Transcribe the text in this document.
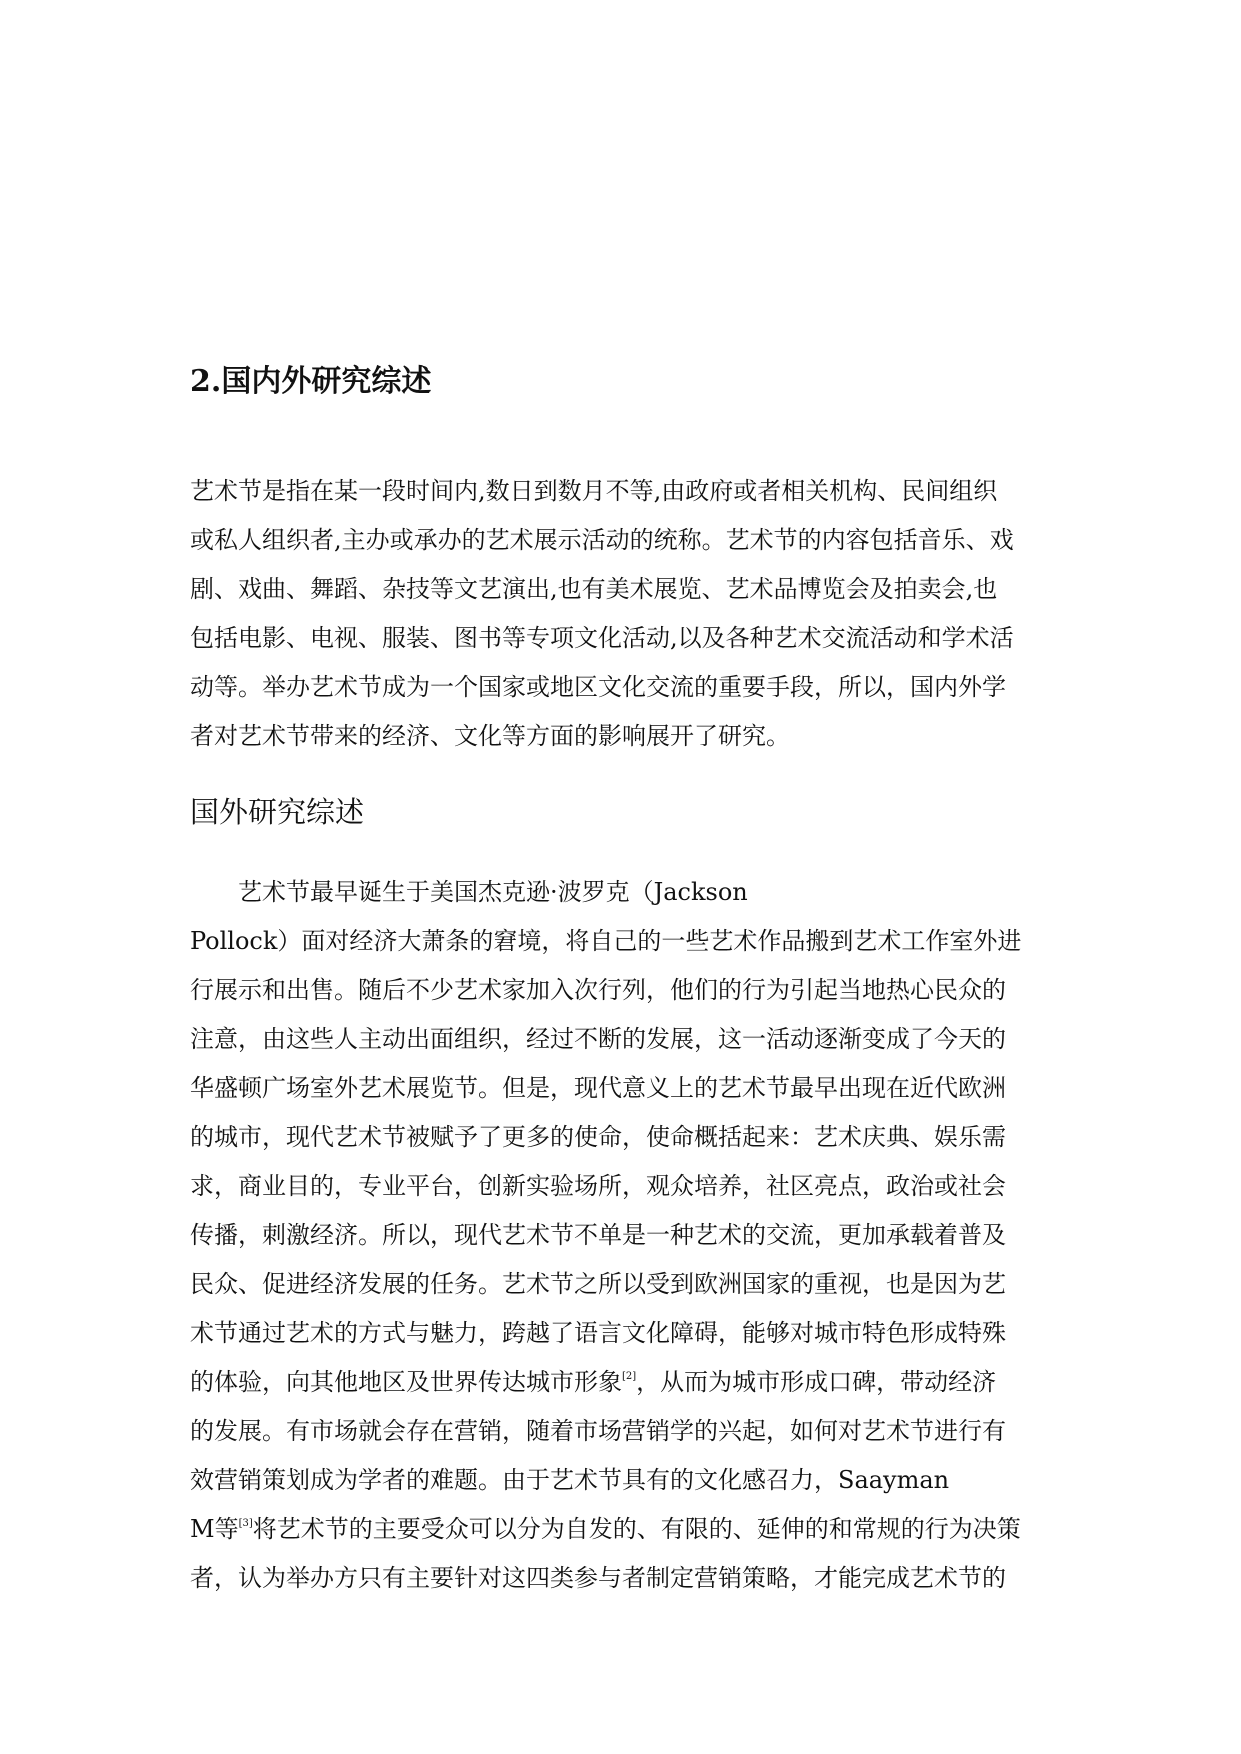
2.国内外研究综述
艺术节是指在某一段时间内,数日到数月不等,由政府或者相关机构、民间组织
或私人组织者,主办或承办的艺术展示活动的统称。艺术节的内容包括音乐、戏
剧、戏曲、舞蹈、杂技等文艺演出,也有美术展览、艺术品博览会及拍卖会,也
包括电影、电视、服装、图书等专项文化活动,以及各种艺术交流活动和学术活
动等。举办艺术节成为一个国家或地区文化交流的重要手段，所以，国内外学
者对艺术节带来的经济、文化等方面的影响展开了研究。
国外研究综述
艺术节最早诞生于美国杰克逊·波罗克（Jackson
Pollock）面对经济大萧条的窘境，将自己的一些艺术作品搬到艺术工作室外进
行展示和出售。随后不少艺术家加入次行列，他们的行为引起当地热心民众的
注意，由这些人主动出面组织，经过不断的发展，这一活动逐渐变成了今天的
华盛顿广场室外艺术展览节。但是，现代意义上的艺术节最早出现在近代欧洲
的城市，现代艺术节被赋予了更多的使命，使命概括起来：艺术庆典、娱乐需
求，商业目的，专业平台，创新实验场所，观众培养，社区亮点，政治或社会
传播，刺激经济。所以，现代艺术节不单是一种艺术的交流，更加承载着普及
民众、促进经济发展的任务。艺术节之所以受到欧洲国家的重视，也是因为艺
术节通过艺术的方式与魅力，跨越了语言文化障碍，能够对城市特色形成特殊
的体验，向其他地区及世界传达城市形象[2]，从而为城市形成口碑，带动经济
的发展。有市场就会存在营销，随着市场营销学的兴起，如何对艺术节进行有
效营销策划成为学者的难题。由于艺术节具有的文化感召力，Saayman
M等[3]将艺术节的主要受众可以分为自发的、有限的、延伸的和常规的行为决策
者，认为举办方只有主要针对这四类参与者制定营销策略，才能完成艺术节的
